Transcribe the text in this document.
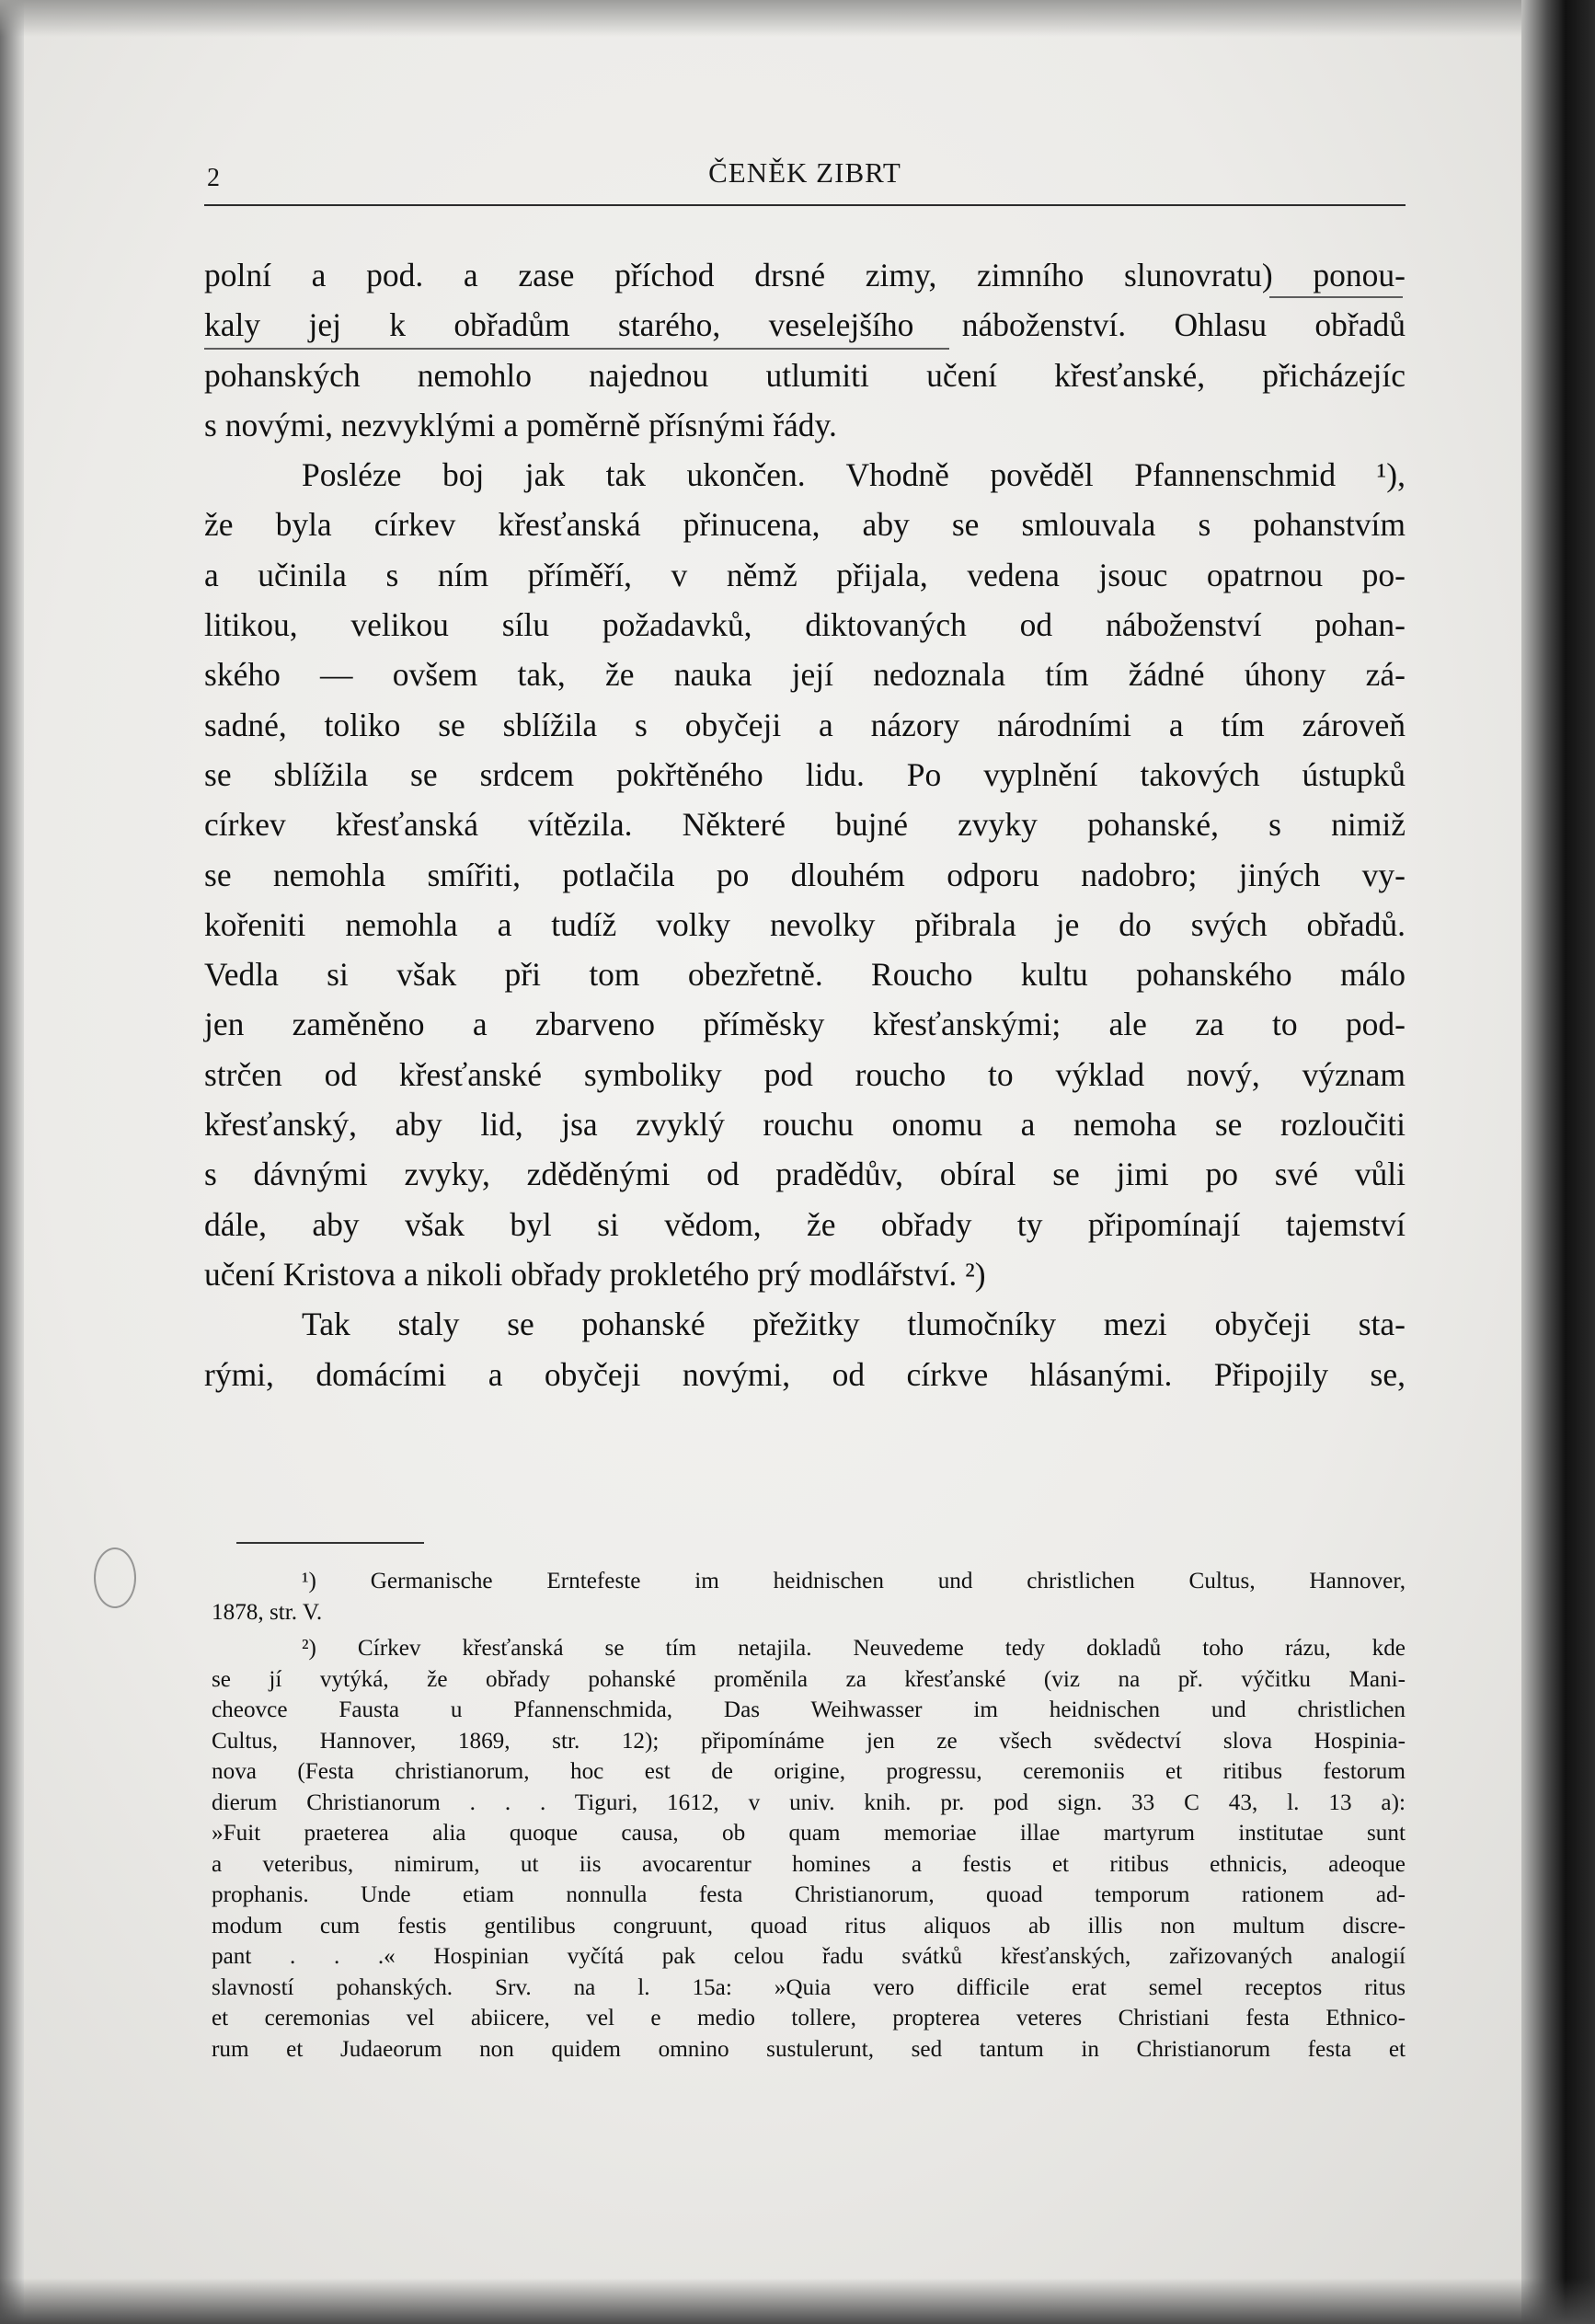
2	ČENĚK ZIBRT
polní a pod. a zase příchod drsné zimy, zimního slunovratu) ponou-
kaly jej k obřadům starého, veselejšího náboženství. Ohlasu obřadů
pohanských nemohlo najednou utlumiti učení křesťanské, přicházejíc
s novými, nezvyklými a poměrně přísnými řády.
Posléze boj jak tak ukončen. Vhodně pověděl Pfannenschmid ¹),
že byla církev křesťanská přinucena, aby se smlouvala s pohanstvím
a učinila s ním příměří, v němž přijala, vedena jsouc opatrnou po-
litikou, velikou sílu požadavků, diktovaných od náboženství pohan-
ského — ovšem tak, že nauka její nedoznala tím žádné úhony zá-
sadné, toliko se sblížila s obyčeji a názory národními a tím zároveň
se sblížila se srdcem pokřtěného lidu. Po vyplnění takových ústupků
církev křesťanská vítězila. Některé bujné zvyky pohanské, s nimiž
se nemohla smířiti, potlačila po dlouhém odporu nadobro; jiných vy-
kořeniti nemohla a tudíž volky nevolky přibrala je do svých obřadů.
Vedla si však při tom obezřetně. Roucho kultu pohanského málo
jen zaměněno a zbarveno příměsky křesťanskými; ale za to pod-
strčen od křesťanské symboliky pod roucho to výklad nový, význam
křesťanský, aby lid, jsa zvyklý rouchu onomu a nemoha se rozloučiti
s dávnými zvyky, zděděnými od pradědův, obíral se jimi po své vůli
dále, aby však byl si vědom, že obřady ty připomínají tajemství
učení Kristova a nikoli obřady prokletého prý modlářství. ²)
Tak staly se pohanské přežitky tlumočníky mezi obyčeji sta-
rými, domácími a obyčeji novými, od církve hlásanými. Připojily se,
¹) Germanische Erntefeste im heidnischen und christlichen Cultus, Hannover,
1878, str. V.
²) Církev křesťanská se tím netajila. Neuvedeme tedy dokladů toho rázu, kde
se jí vytýká, že obřady pohanské proměnila za křesťanské (viz na př. výčitku Mani-
cheovce Fausta u Pfannenschmida, Das Weihwasser im heidnischen und christlichen
Cultus, Hannover, 1869, str. 12); připomínáme jen ze všech svědectví slova Hospinia-
nova (Festa christianorum, hoc est de origine, progressu, ceremoniis et ritibus festorum
dierum Christianorum . . . Tiguri, 1612, v univ. knih. pr. pod sign. 33 C 43, l. 13 a):
»Fuit praeterea alia quoque causa, ob quam memoriae illae martyrum institutae sunt
a veteribus, nimirum, ut iis avocarentur homines a festis et ritibus ethnicis, adeoque
prophanis. Unde etiam nonnulla festa Christianorum, quoad temporum rationem ad-
modum cum festis gentilibus congruunt, quoad ritus aliquos ab illis non multum discre-
pant . . .« Hospinian vyčítá pak celou řadu svátků křesťanských, zařizovaných analogií
slavností pohanských. Srv. na l. 15a: »Quia vero difficile erat semel receptos ritus
et ceremonias vel abiicere, vel e medio tollere, propterea veteres Christiani festa Ethnico-
rum et Judaeorum non quidem omnino sustulerunt, sed tantum in Christianorum festa et
